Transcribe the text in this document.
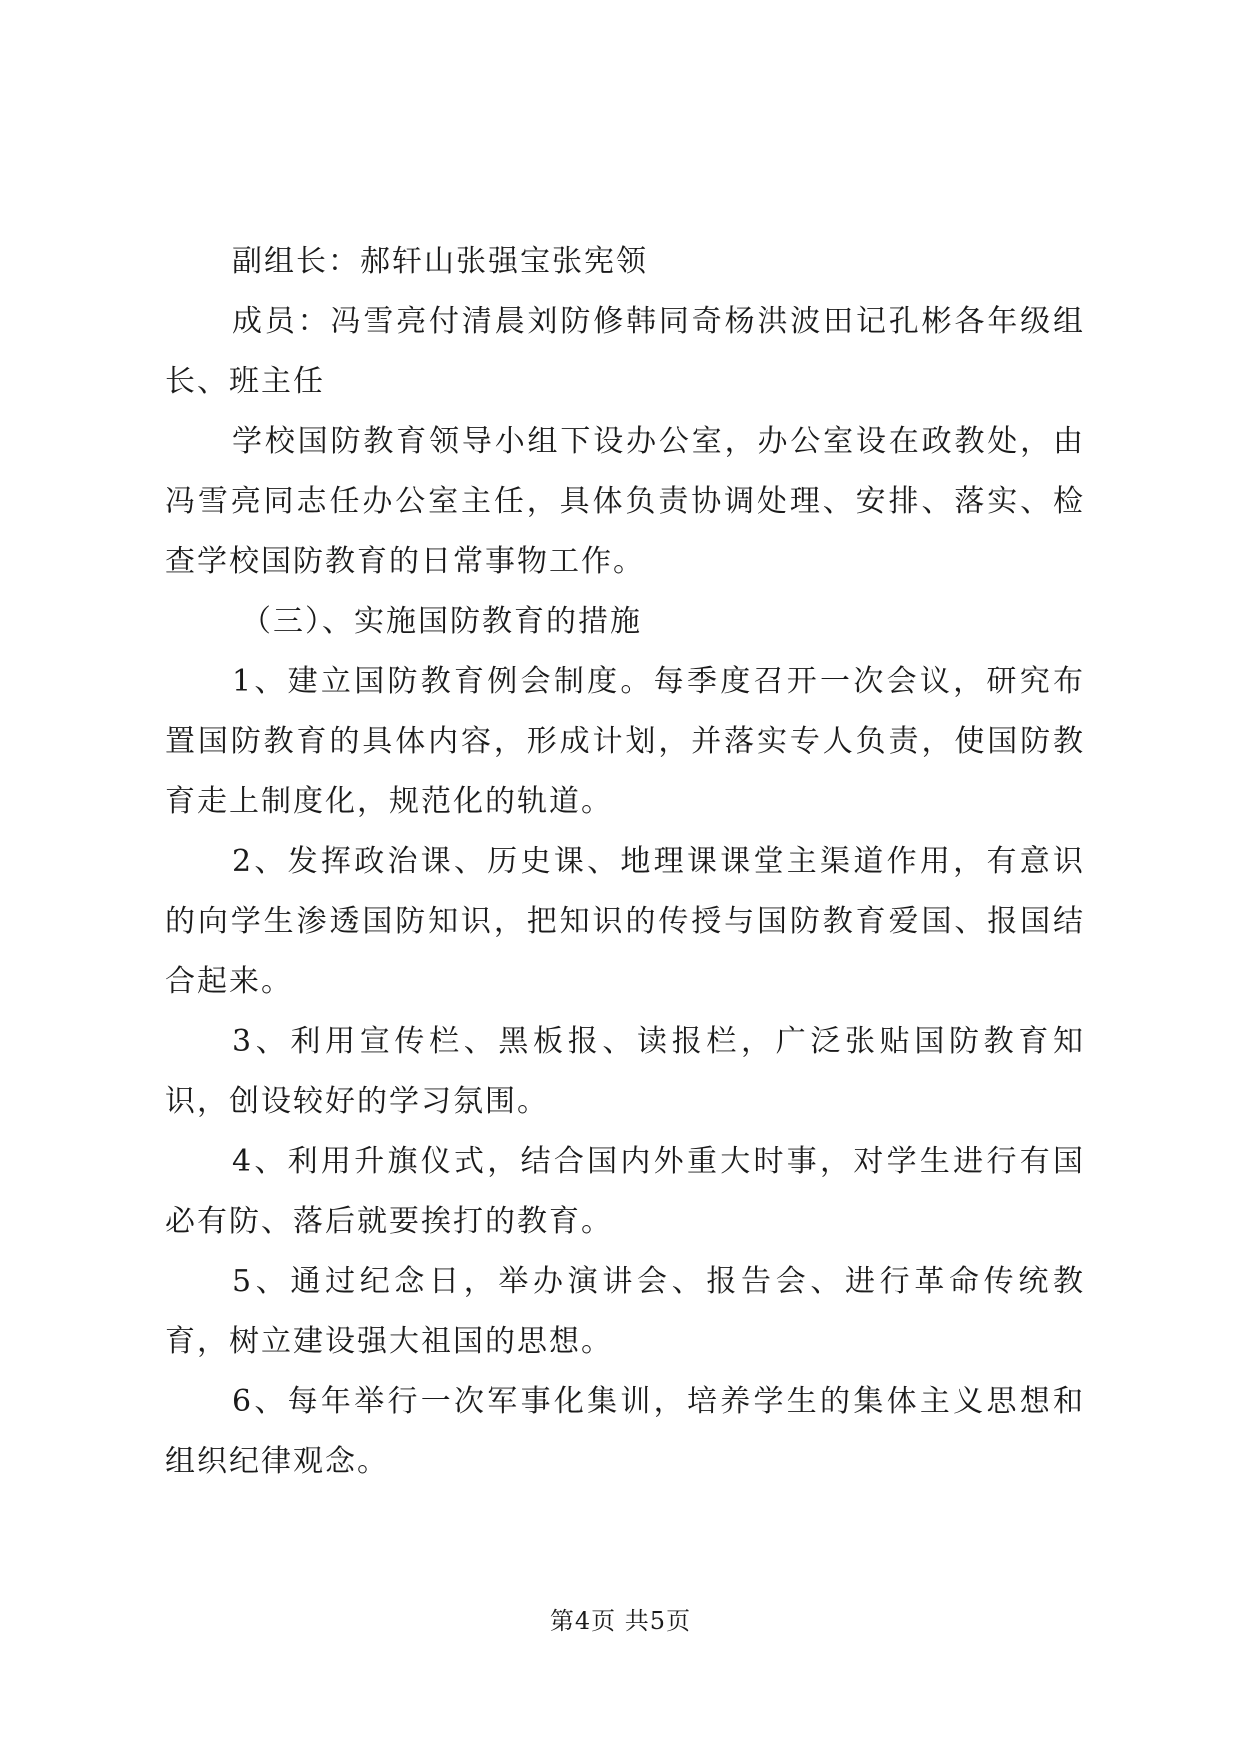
副组长：郝轩山张强宝张宪领

成员：冯雪亮付清晨刘防修韩同奇杨洪波田记孔彬各年级组长、班主任

学校国防教育领导小组下设办公室，办公室设在政教处，由冯雪亮同志任办公室主任，具体负责协调处理、安排、落实、检查学校国防教育的日常事物工作。

（三）、实施国防教育的措施

1、建立国防教育例会制度。每季度召开一次会议，研究布置国防教育的具体内容，形成计划，并落实专人负责，使国防教育走上制度化，规范化的轨道。

2、发挥政治课、历史课、地理课课堂主渠道作用，有意识的向学生渗透国防知识，把知识的传授与国防教育爱国、报国结合起来。

3、利用宣传栏、黑板报、读报栏，广泛张贴国防教育知识，创设较好的学习氛围。

4、利用升旗仪式，结合国内外重大时事，对学生进行有国必有防、落后就要挨打的教育。

5、通过纪念日，举办演讲会、报告会、进行革命传统教育，树立建设强大祖国的思想。

6、每年举行一次军事化集训，培养学生的集体主义思想和组织纪律观念。

第4页 共5页
